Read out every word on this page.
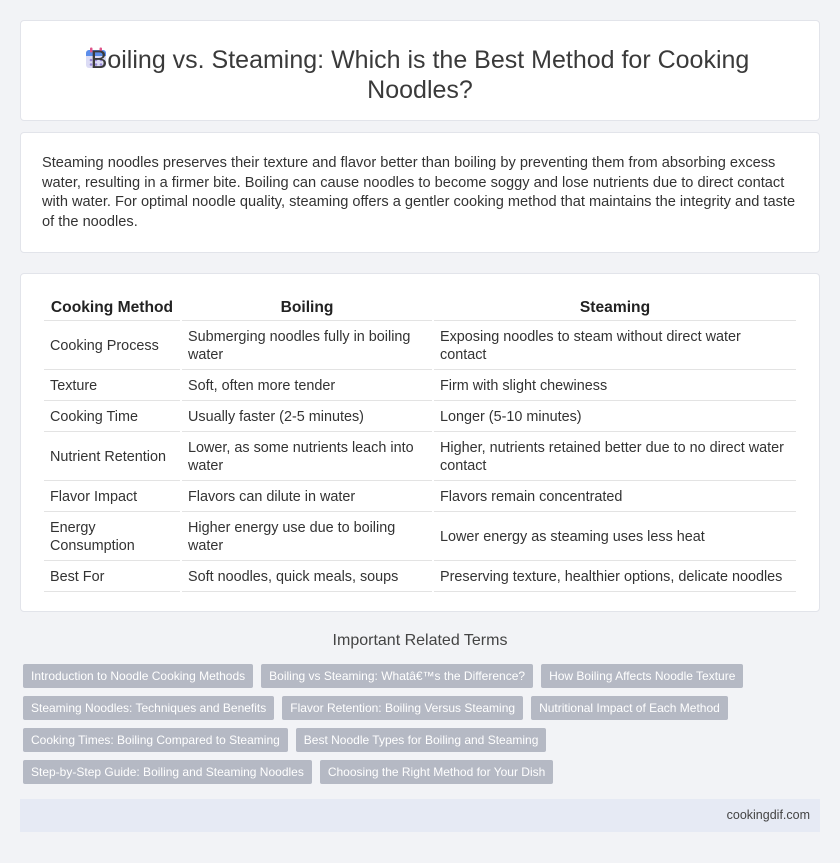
Boiling vs. Steaming: Which is the Best Method for Cooking Noodles?

Steaming noodles preserves their texture and flavor better than boiling by preventing them from absorbing excess water, resulting in a firmer bite. Boiling can cause noodles to become soggy and lose nutrients due to direct contact with water. For optimal noodle quality, steaming offers a gentler cooking method that maintains the integrity and taste of the noodles.

Cooking Method	Boiling	Steaming
Cooking Process	Submerging noodles fully in boiling water	Exposing noodles to steam without direct water contact
Texture	Soft, often more tender	Firm with slight chewiness
Cooking Time	Usually faster (2-5 minutes)	Longer (5-10 minutes)
Nutrient Retention	Lower, as some nutrients leach into water	Higher, nutrients retained better due to no direct water contact
Flavor Impact	Flavors can dilute in water	Flavors remain concentrated
Energy Consumption	Higher energy use due to boiling water	Lower energy as steaming uses less heat
Best For	Soft noodles, quick meals, soups	Preserving texture, healthier options, delicate noodles
Important Related Terms
Introduction to Noodle Cooking Methods	Boiling vs Steaming: Whatâ€™s the Difference?	How Boiling Affects Noodle Texture
Steaming Noodles: Techniques and Benefits	Flavor Retention: Boiling Versus Steaming	Nutritional Impact of Each Method
Cooking Times: Boiling Compared to Steaming	Best Noodle Types for Boiling and Steaming
Step-by-Step Guide: Boiling and Steaming Noodles	Choosing the Right Method for Your Dish
cookingdif.com
